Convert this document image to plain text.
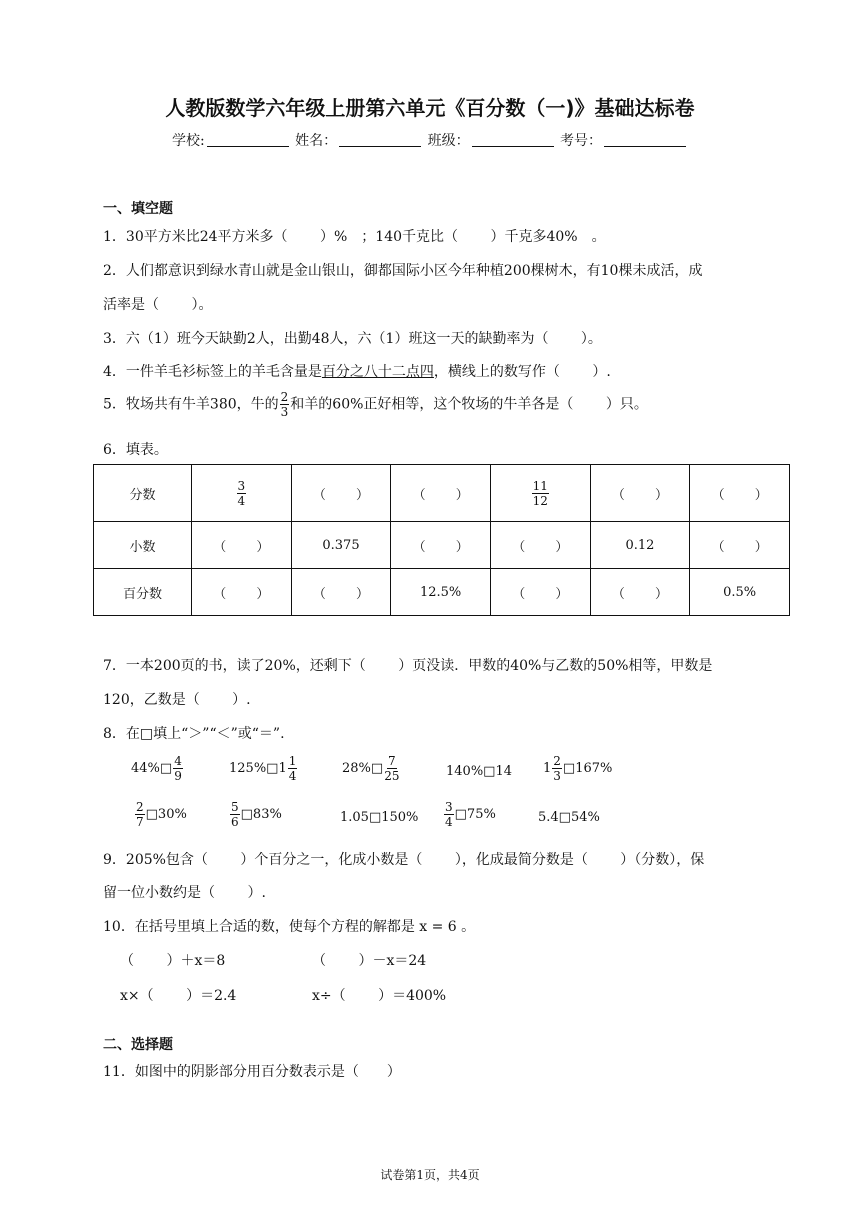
人教版数学六年级上册第六单元《百分数（一)》基础达标卷
学校:	姓名：	班级：	考号：
一、填空题
1．30平方米比24平方米多（　　 ）%　；140千克比（　　 ）千克多40%　。
2．人们都意识到绿水青山就是金山银山，御都国际小区今年种植200棵树木，有10棵未成活，成
活率是（　　 ）。
3．六（1）班今天缺勤2人，出勤48人，六（1）班这一天的缺勤率为（　　 ）。
4．一件羊毛衫标签上的羊毛含量是百分之八十二点四，横线上的数写作（　　 ）.
5．牧场共有牛羊380，牛的 $\frac{2}{3}$ 和羊的60%正好相等，这个牧场的牛羊各是（　　 ）只。
6．填表。
分数	$\frac{3}{4}$	（　　 ）	（　　 ）	$\frac{11}{12}$	（　　 ）	（　　 ）
小数	（　　 ）	0.375	（　　 ）	（　　 ）	0.12	（　　 ）
百分数	（　　 ）	（　　 ）	12.5%	（　　 ）	（　　 ）	0.5%
7．一本200页的书，读了20%，还剩下（　　 ）页没读．甲数的40%与乙数的50%相等，甲数是
120，乙数是（　　 ）.
8．在□填上“＞”“＜”或“＝”.
44%□ $\frac{4}{9}$	125%□1 $\frac{1}{4}$	28%□ $\frac{7}{25}$	140%□14 $1 \frac{2}{3}$ □167%
$\frac{2}{7}$ □30%	$\frac{5}{6}$ □83%	1.05□150% $\frac{3}{4}$ □75%	5.4□54%
9．205%包含（　　 ）个百分之一，化成小数是（　　 ），化成最简分数是（　　 ）（分数），保
留一位小数约是（　　 ）.
10．在括号里填上合适的数，使每个方程的解都是 x = 6 。
（　　 ）＋x＝8	（　　 ）－x＝24
x×（　　 ）＝2.4	x÷（　　 ）＝400%
二、选择题
11．如图中的阴影部分用百分数表示是（　　）
试卷第1页，共4页
